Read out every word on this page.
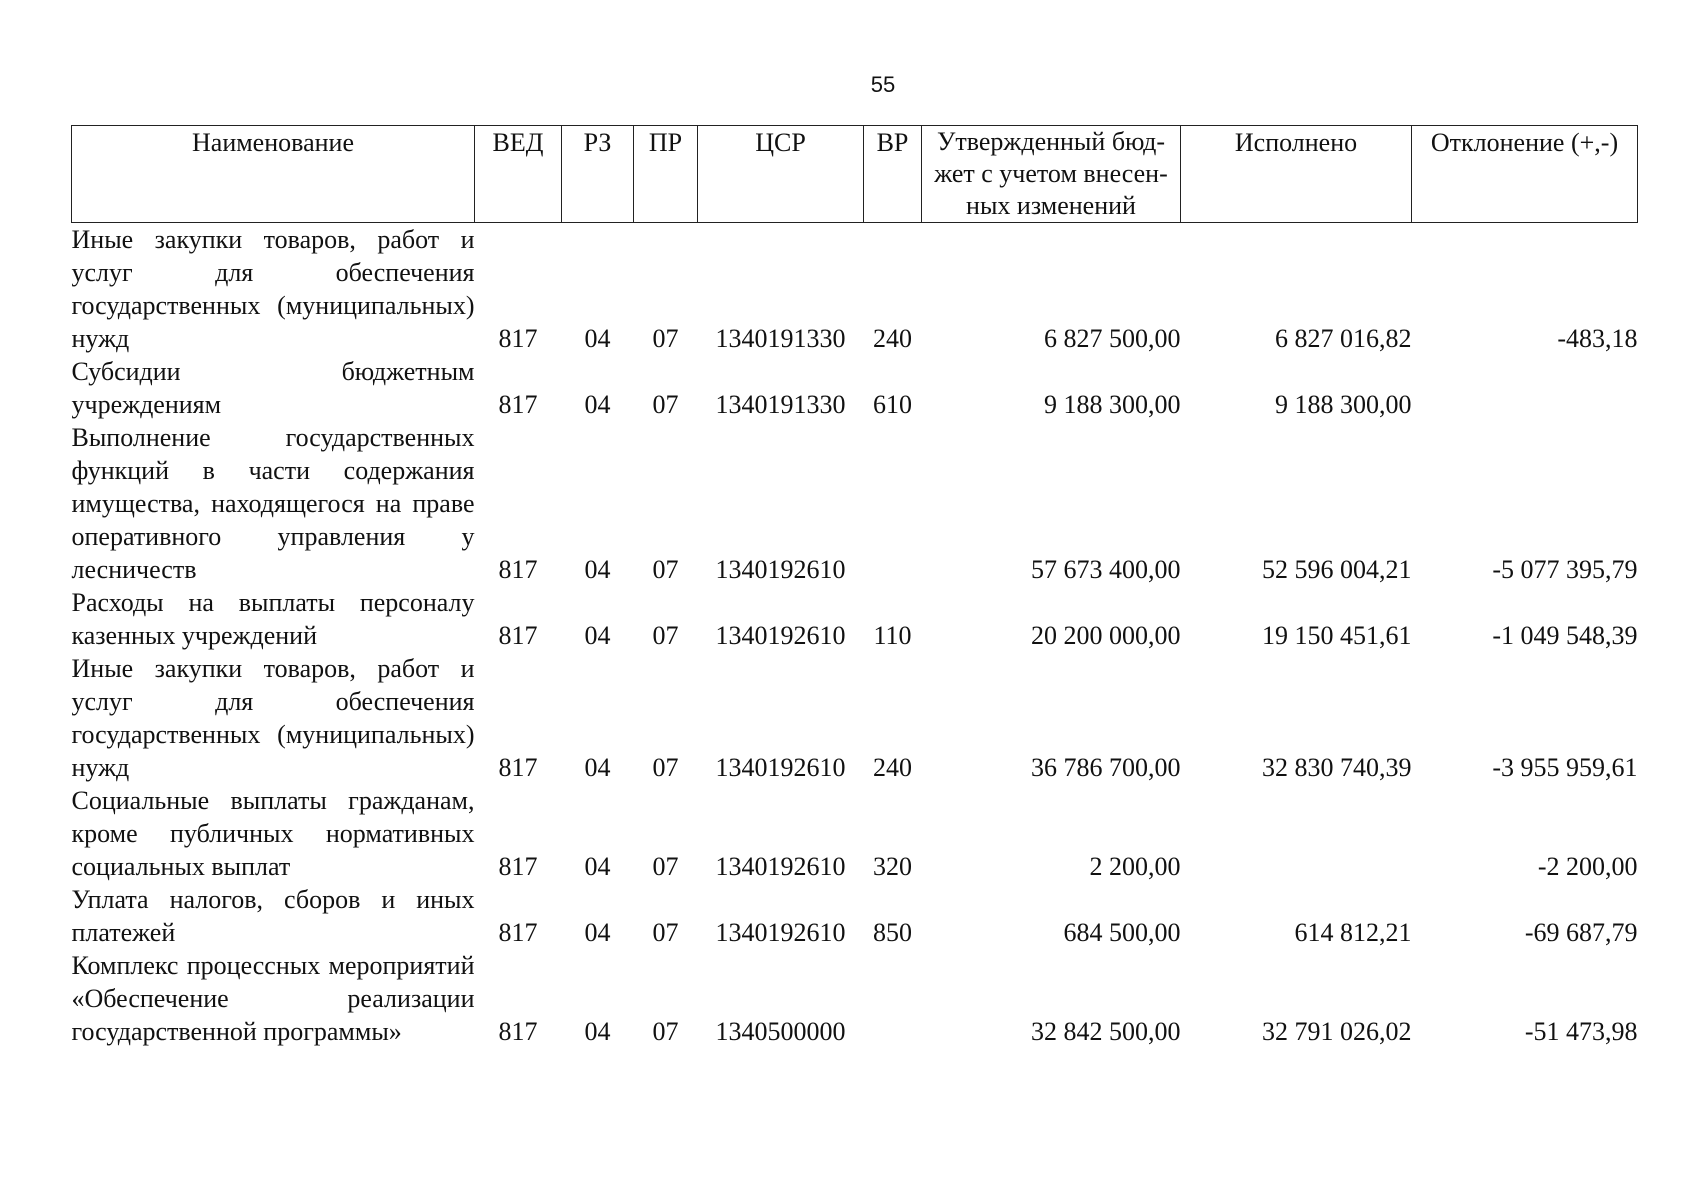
55
Наименование	ВЕД	РЗ	ПР	ЦСР	ВР	Утвержденный бюд-жет с учетом внесен-ных изменений	Исполнено	Отклонение (+,-)
Иные закупки товаров, работ и услуг для обеспечения государственных (муниципальных) нужд	817	04	07	1340191330	240	6 827 500,00	6 827 016,82	-483,18
Субсидии бюджетным учреждениям	817	04	07	1340191330	610	9 188 300,00	9 188 300,00	
Выполнение государственных функций в части содержания имущества, находящегося на праве оперативного управления у лесничеств	817	04	07	1340192610		57 673 400,00	52 596 004,21	-5 077 395,79
Расходы на выплаты персоналу казенных учреждений	817	04	07	1340192610	110	20 200 000,00	19 150 451,61	-1 049 548,39
Иные закупки товаров, работ и услуг для обеспечения государственных (муниципальных) нужд	817	04	07	1340192610	240	36 786 700,00	32 830 740,39	-3 955 959,61
Социальные выплаты гражданам, кроме публичных нормативных социальных выплат	817	04	07	1340192610	320	2 200,00		-2 200,00
Уплата налогов, сборов и иных платежей	817	04	07	1340192610	850	684 500,00	614 812,21	-69 687,79
Комплекс процессных мероприятий «Обеспечение реализации государственной программы»	817	04	07	1340500000		32 842 500,00	32 791 026,02	-51 473,98
